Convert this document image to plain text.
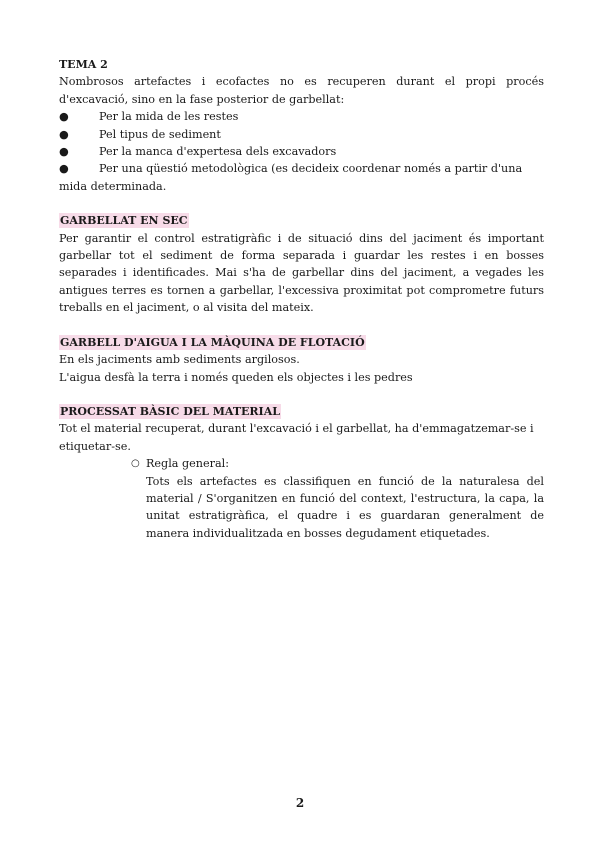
TEMA 2

Nombrosos artefactes i ecofactes no es recuperen durant el propi procés d'excavació, sino en la fase posterior de garbellat:

●	Per la mida de les restes
●	Pel tipus de sediment
●	Per la manca d'expertesa dels excavadors
●	Per una qüestió metodològica (es decideix coordenar només a partir d'una mida determinada.
GARBELLAT EN SEC

Per garantir el control estratigràfic i de situació dins del jaciment és important garbellar tot el sediment de forma separada i guardar les restes i en bosses separades i identificades. Mai s'ha de garbellar dins del jaciment, a vegades les antigues terres es tornen a garbellar, l'excessiva proximitat pot comprometre futurs treballs en el jaciment, o al visita del mateix.

GARBELL D'AIGUA I LA MÀQUINA DE FLOTACIÓ

En els jaciments amb sediments argilosos.

L'aigua desfà la terra i només queden els objectes i les pedres

PROCESSAT BÀSIC DEL MATERIAL

Tot el material recuperat, durant l'excavació i el garbellat, ha d'emmagatzemar-se i etiquetar-se.

○ Regla general:
Tots els artefactes es classifiquen en funció de la naturalesa del material / S'organitzen en funció del context, l'estructura, la capa, la unitat estratigràfica, el quadre i es guardaran generalment de manera individualitzada en bosses degudament etiquetades.
2
